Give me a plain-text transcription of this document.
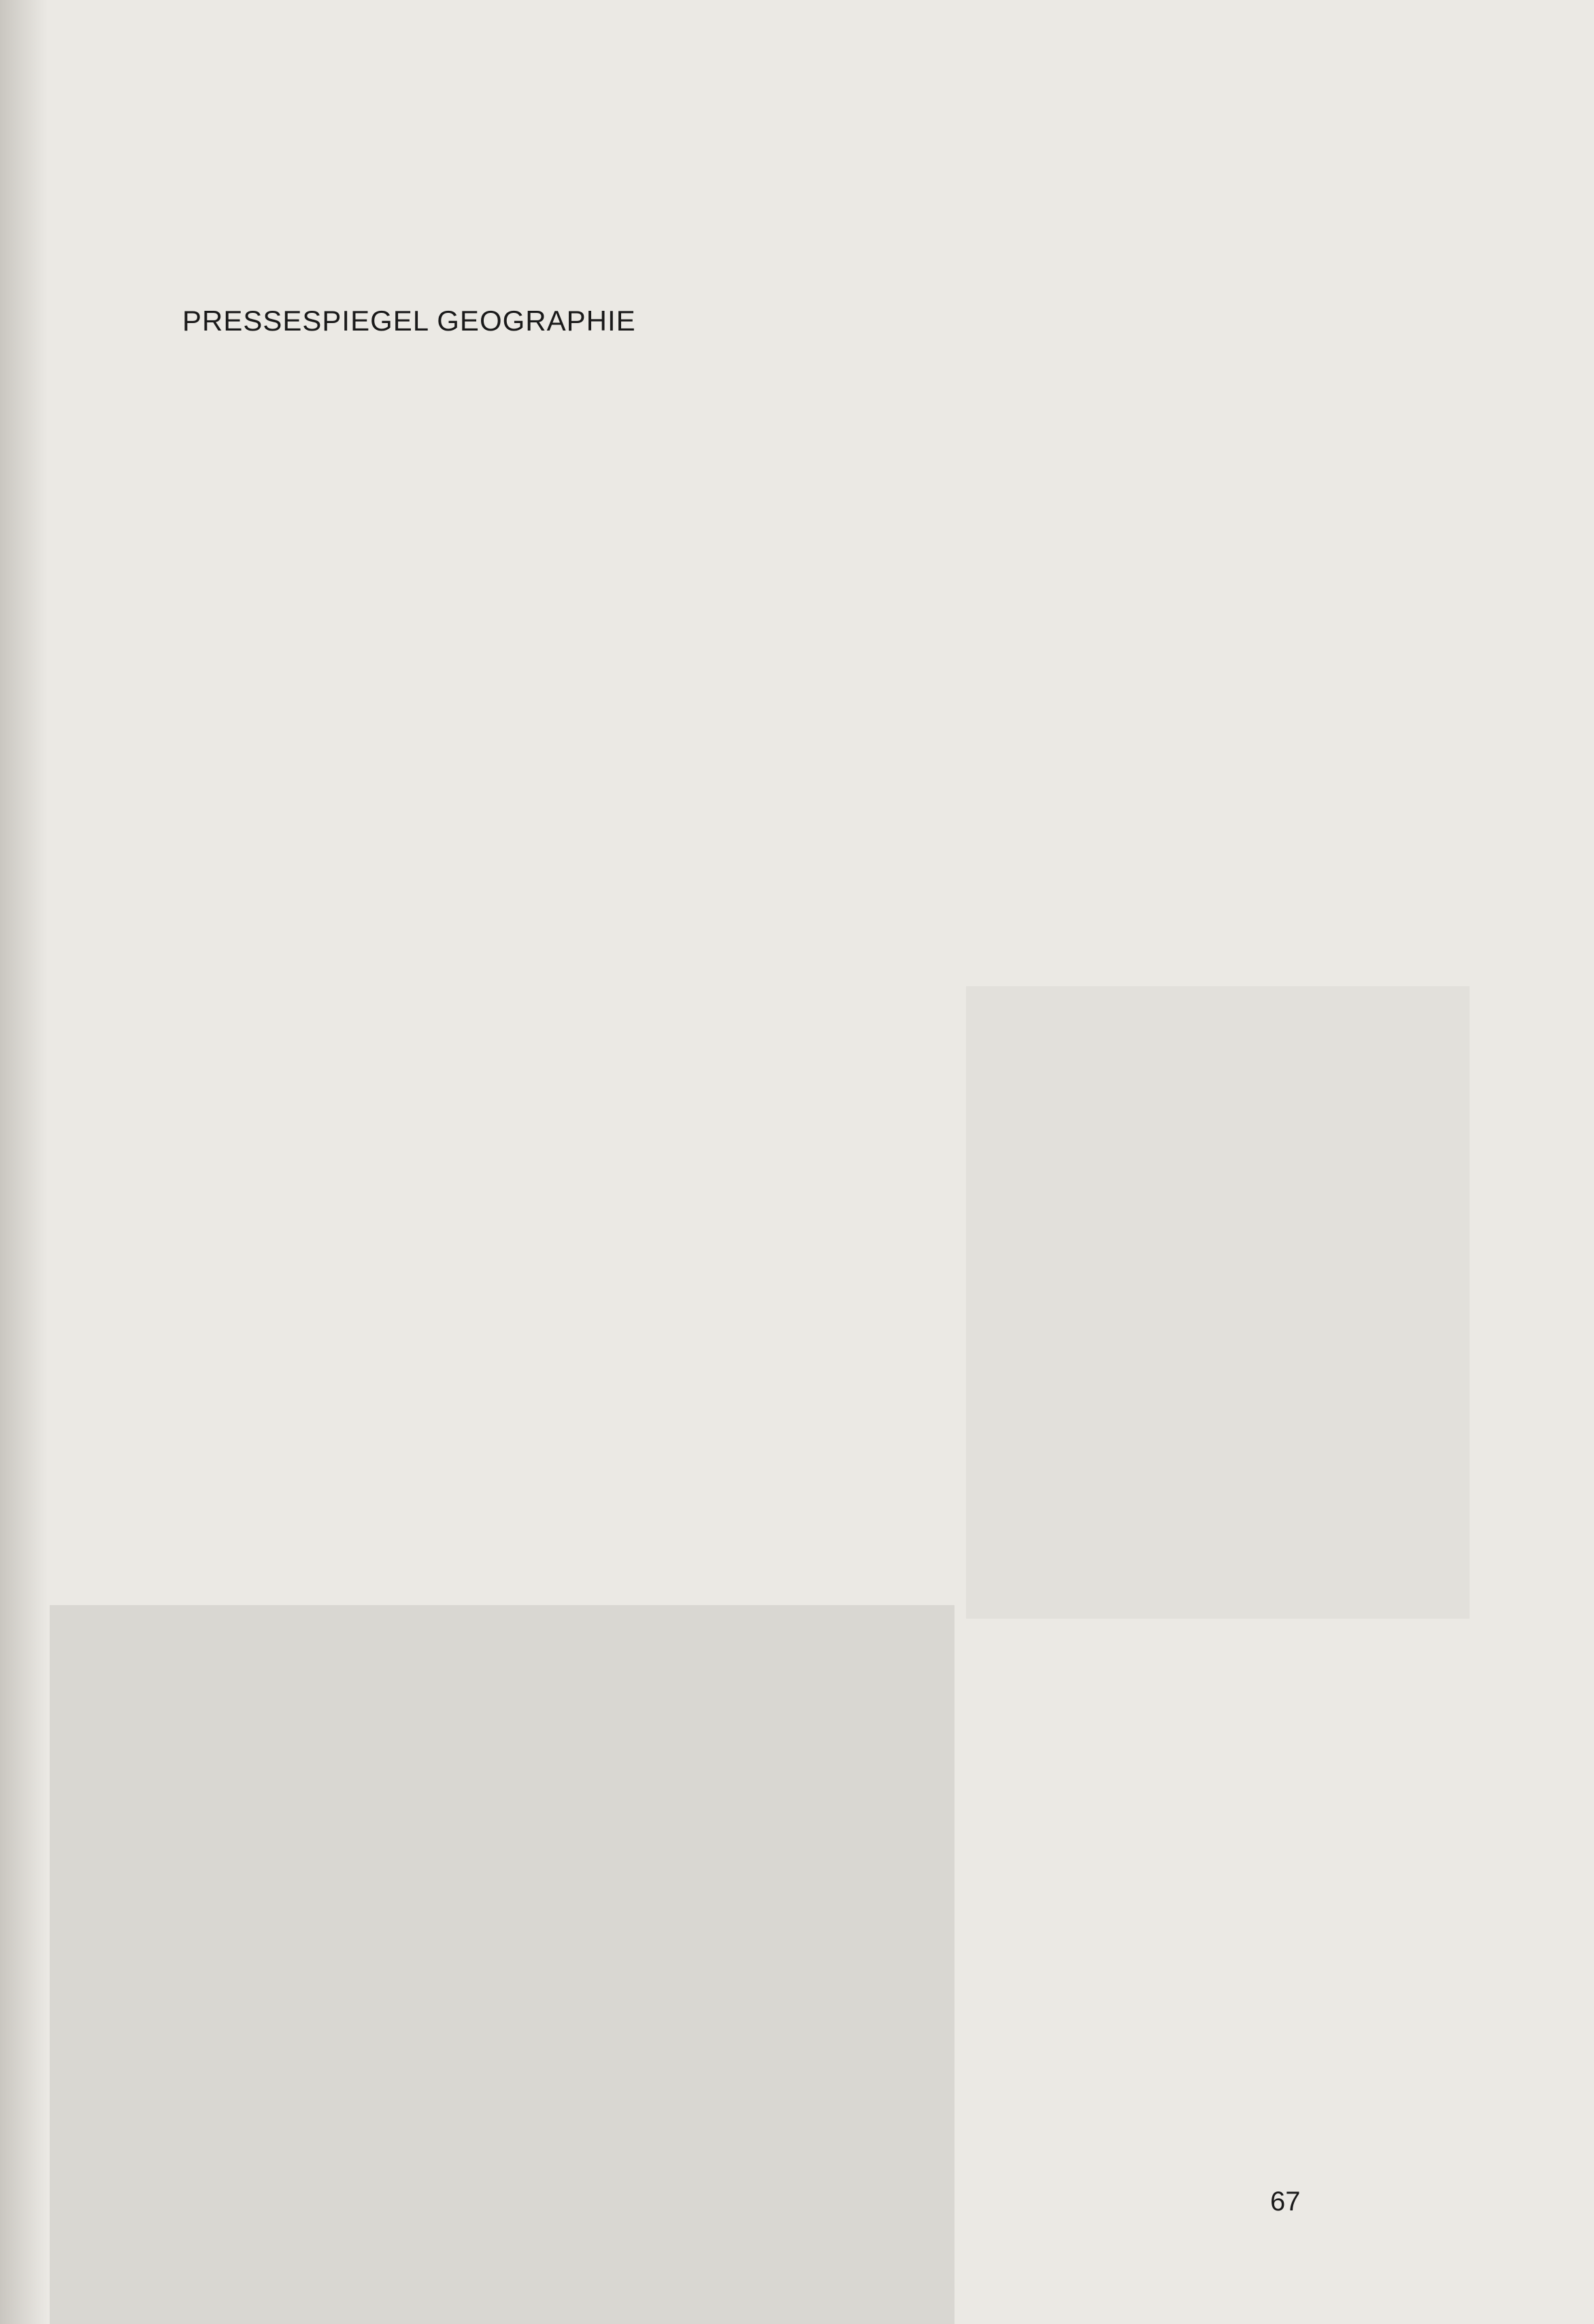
PRESSESPIEGEL GEOGRAPHIE
67
